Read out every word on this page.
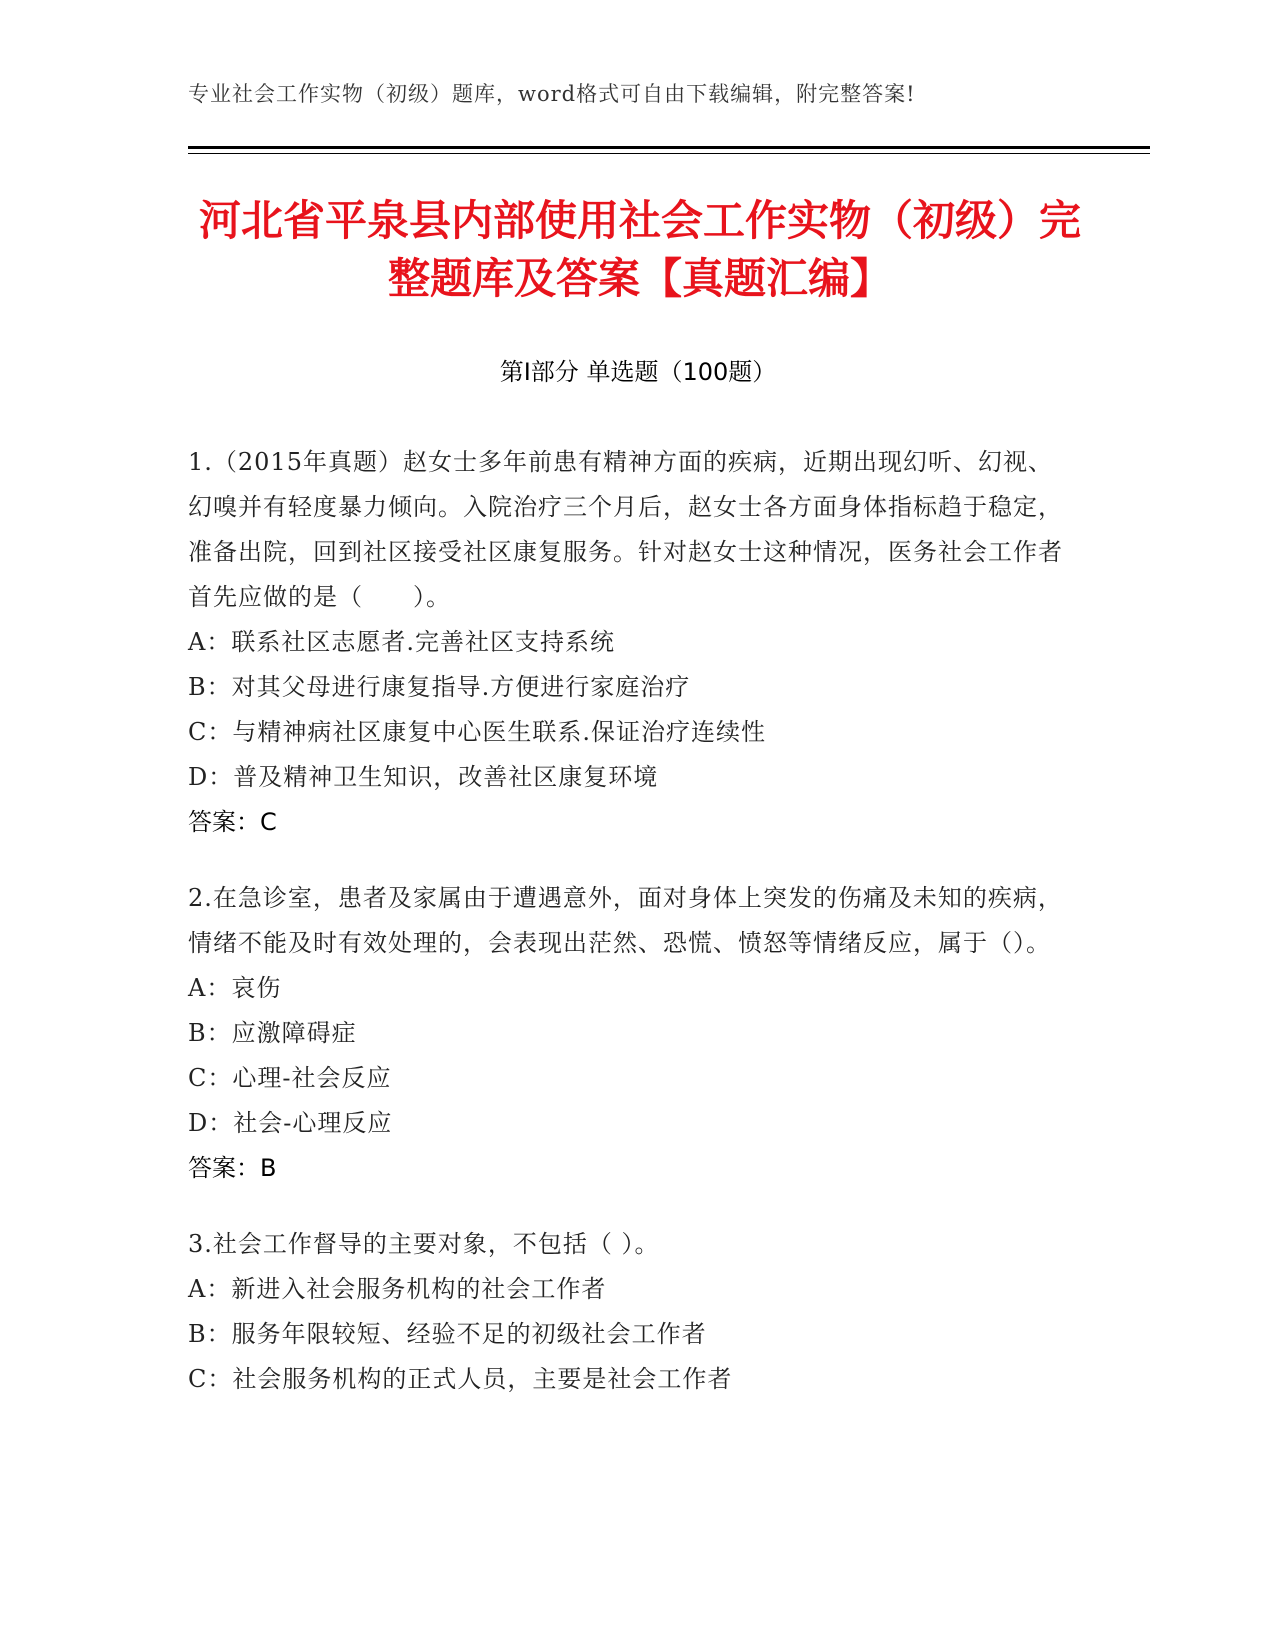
专业社会工作实物（初级）题库，word格式可自由下载编辑，附完整答案!
河北省平泉县内部使用社会工作实物（初级）完整题库及答案【真题汇编】
第I部分 单选题（100题）
1.（2015年真题）赵女士多年前患有精神方面的疾病，近期出现幻听、幻视、幻嗅并有轻度暴力倾向。入院治疗三个月后，赵女士各方面身体指标趋于稳定，准备出院，回到社区接受社区康复服务。针对赵女士这种情况，医务社会工作者首先应做的是（　　）。
A：联系社区志愿者.完善社区支持系统
B：对其父母进行康复指导.方便进行家庭治疗
C：与精神病社区康复中心医生联系.保证治疗连续性
D：普及精神卫生知识，改善社区康复环境
答案：C
2.在急诊室，患者及家属由于遭遇意外，面对身体上突发的伤痛及未知的疾病，情绪不能及时有效处理的，会表现出茫然、恐慌、愤怒等情绪反应，属于（）。
A：哀伤
B：应激障碍症
C：心理-社会反应
D：社会-心理反应
答案：B
3.社会工作督导的主要对象，不包括（ ）。
A：新进入社会服务机构的社会工作者
B：服务年限较短、经验不足的初级社会工作者
C：社会服务机构的正式人员，主要是社会工作者
